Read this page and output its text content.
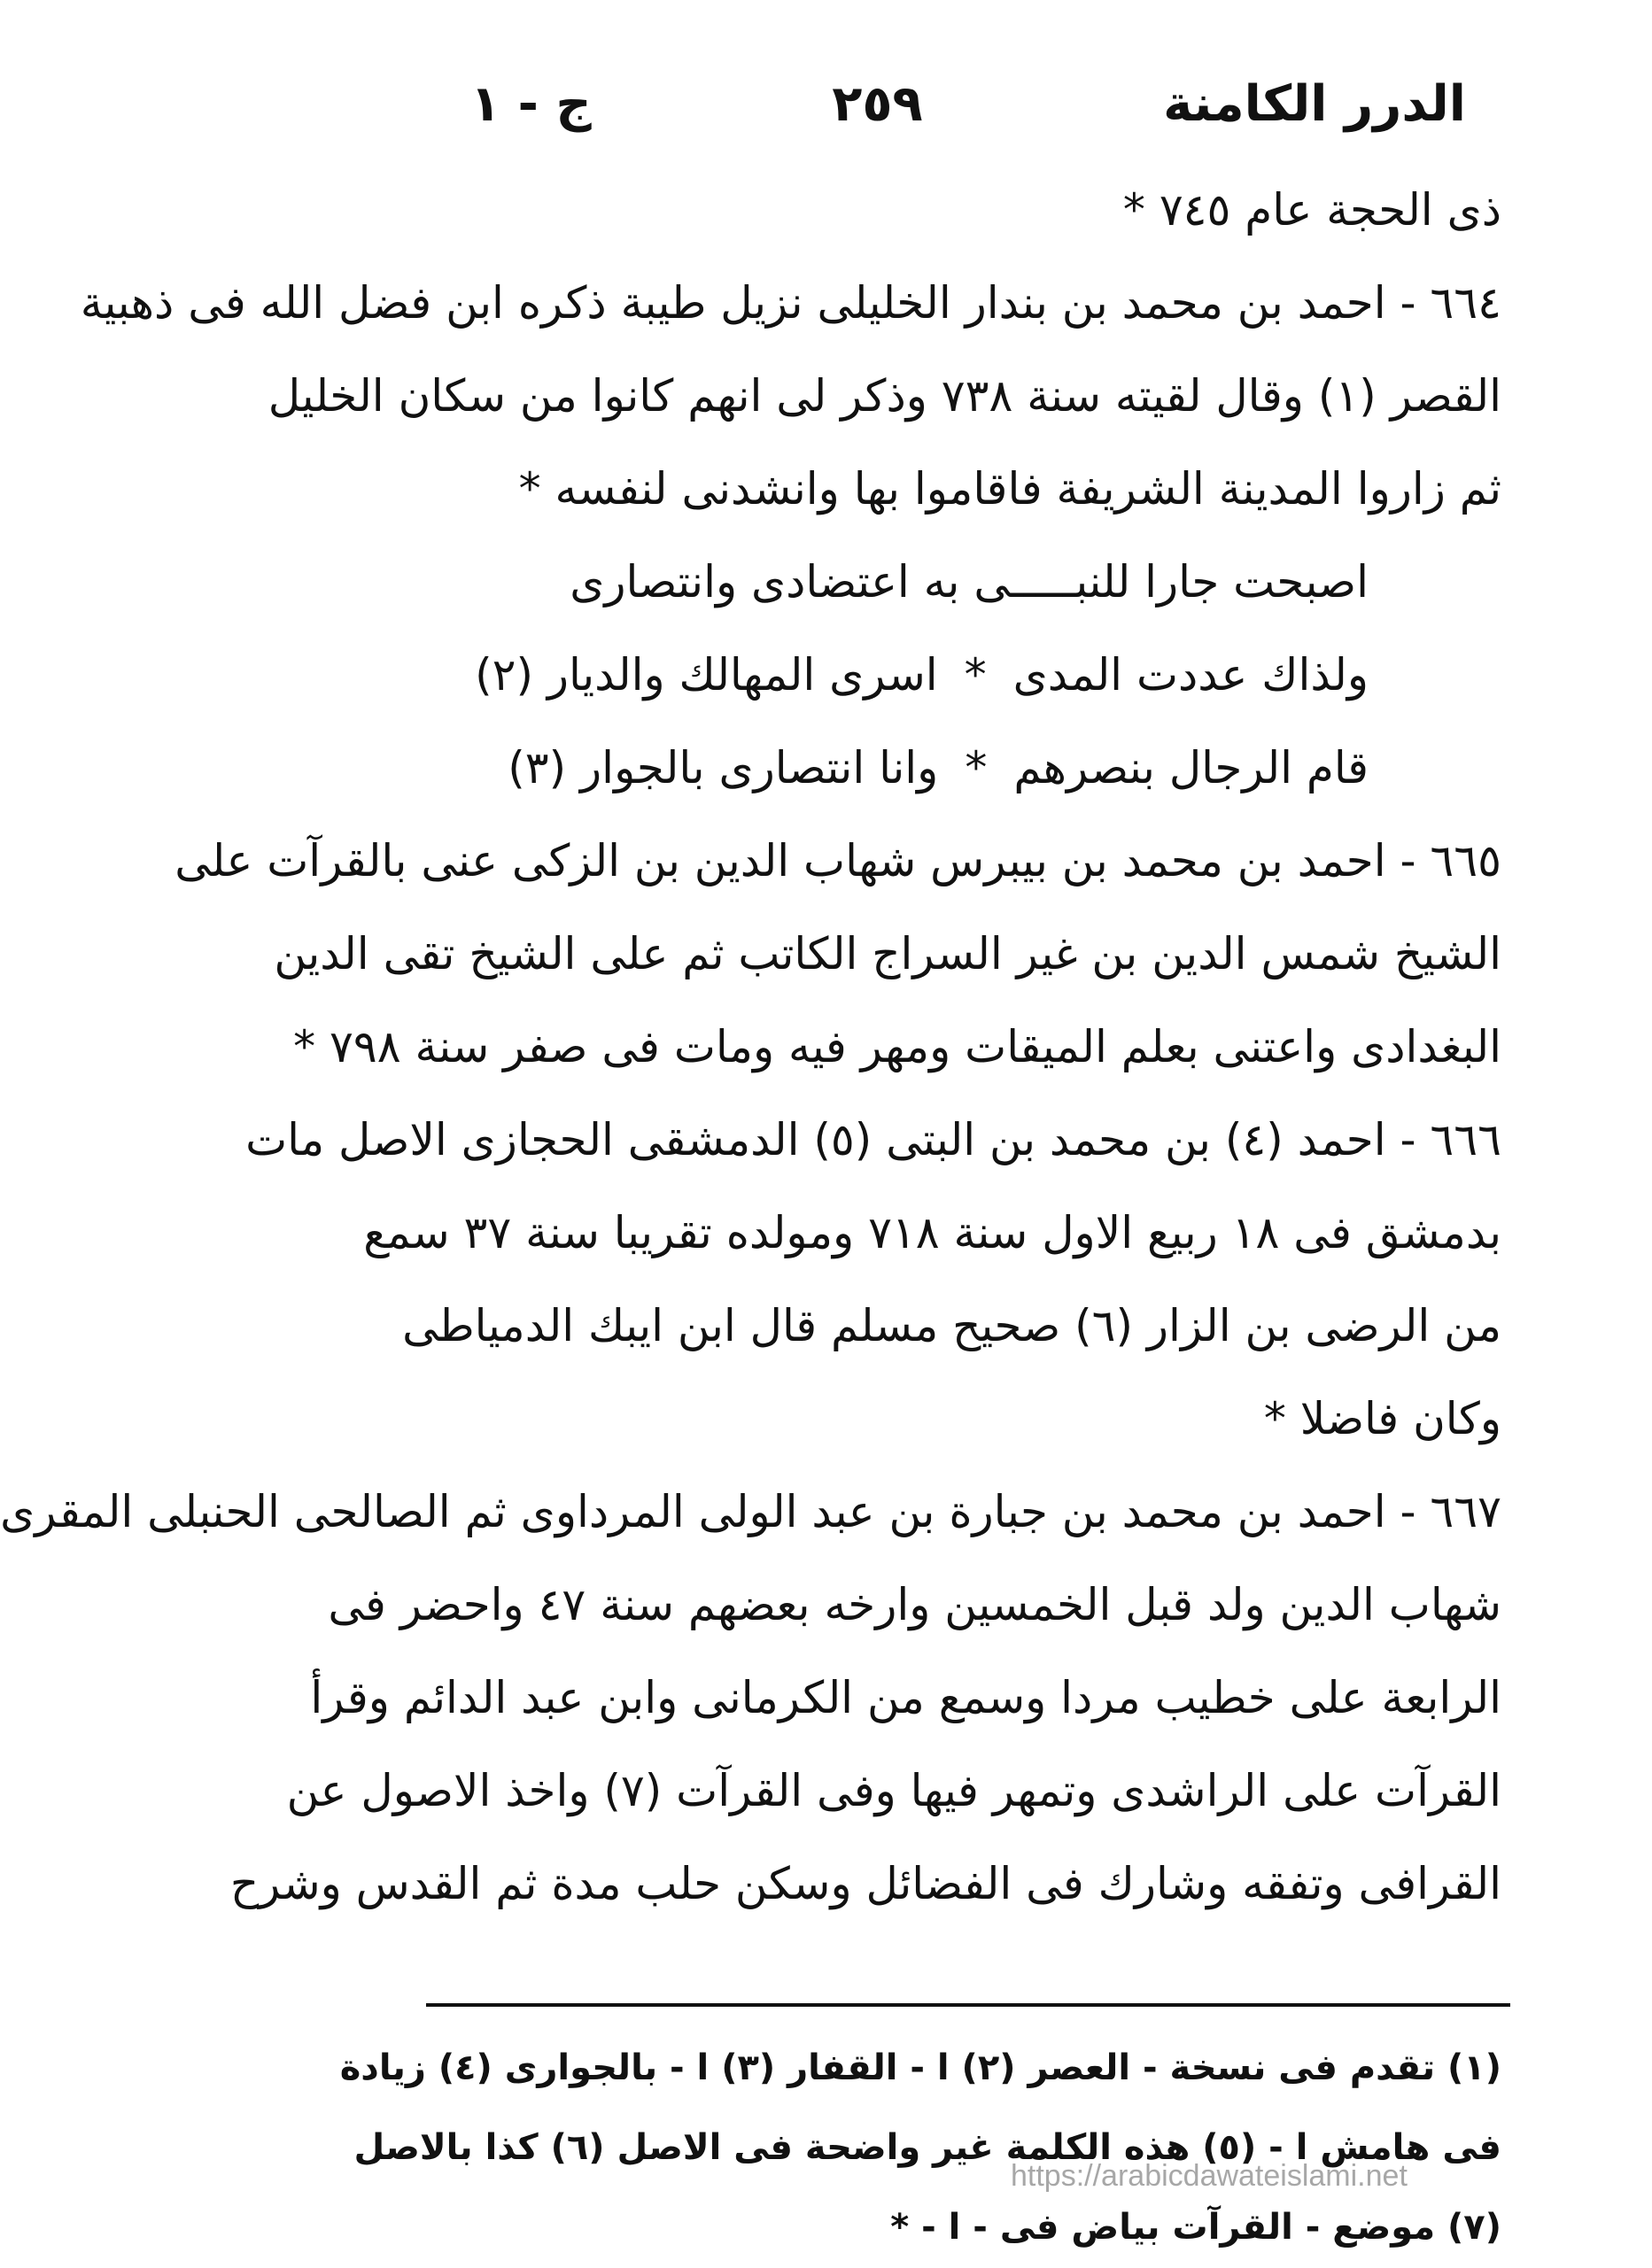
الدرر الكامنة
٢٥٩
ج - ١
ذى الحجة عام ٧٤٥ *
٦٦٤ - احمد بن محمد بن بندار الخليلى نزيل طيبة ذكره ابن فضل الله فى ذهبية
القصر (١) وقال لقيته سنة ٧٣٨ وذكر لى انهم كانوا من سكان الخليل
ثم زاروا المدينة الشريفة فاقاموا بها وانشدنى لنفسه *
اصبحت جارا للنبـــــى به اعتضادى وانتصارى
ولذاك عددت المدى
*
اسرى المهالك والديار (٢)
قام الرجال بنصرهم
*
وانا انتصارى بالجوار (٣)
٦٦٥ - احمد بن محمد بن بيبرس شهاب الدين بن الزكى عنى بالقرآت على
الشيخ شمس الدين بن غير السراج الكاتب ثم على الشيخ تقى الدين
البغدادى واعتنى بعلم الميقات ومهر فيه ومات فى صفر سنة ٧٩٨ *
٦٦٦ - احمد (٤) بن محمد بن البتى (٥) الدمشقى الحجازى الاصل مات
بدمشق فى ١٨ ربيع الاول سنة ٧١٨ ومولده تقريبا سنة ٣٧ سمع
من الرضى بن الزار (٦) صحيح مسلم قال ابن ايبك الدمياطى
وكان فاضلا *
٦٦٧ - احمد بن محمد بن جبارة بن عبد الولى المرداوى ثم الصالحى الحنبلى المقرى
شهاب الدين ولد قبل الخمسين وارخه بعضهم سنة ٤٧ واحضر فى
الرابعة على خطيب مردا وسمع من الكرمانى وابن عبد الدائم وقرأ
القرآت على الراشدى وتمهر فيها وفى القرآت (٧) واخذ الاصول عن
القرافى وتفقه وشارك فى الفضائل وسكن حلب مدة ثم القدس وشرح
(١) تقدم فى نسخة - العصر (٢) ا - القفار (٣) ا - بالجوارى (٤) زيادة
فى هامش ا - (٥) هذه الكلمة غير واضحة فى الاصل (٦) كذا بالاصل
(٧) موضع - القرآت بياض فى - ا - *
https://arabicdawateislami.net
